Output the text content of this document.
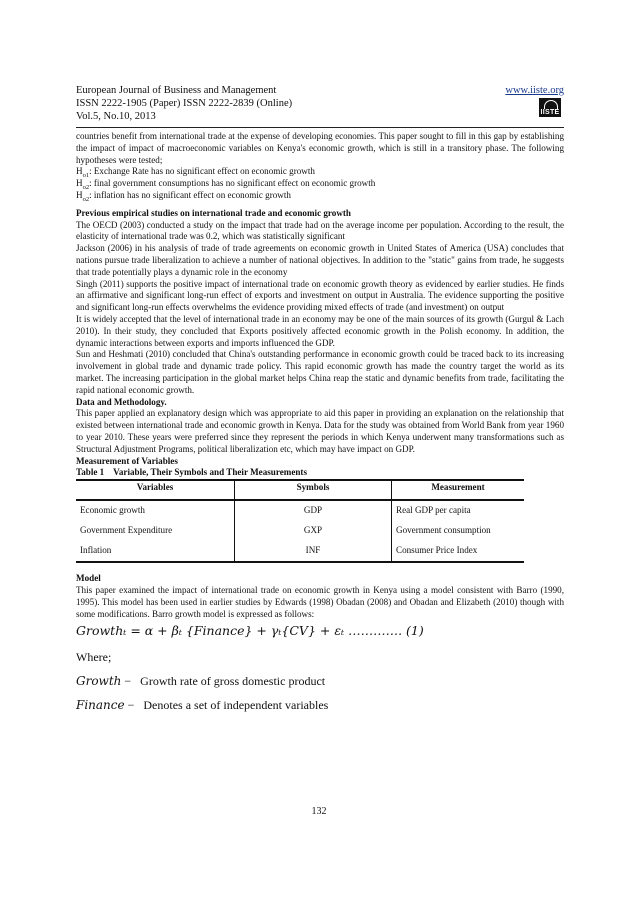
European Journal of Business and Management	www.iiste.org
ISSN 2222-1905 (Paper) ISSN 2222-2839 (Online)
Vol.5, No.10, 2013	IISTE

countries benefit from international trade at the expense of developing economies. This paper sought to fill in this gap by establishing the impact of impact of macroeconomic variables on Kenya's economic growth, which is still in a transitory phase. The following hypotheses were tested;

$H_{o1}$: Exchange Rate has no significant effect on economic growth

$H_{o2}$: final government consumptions has no significant effect on economic growth

$H_{o2}$: inflation has no significant effect on economic growth

Previous empirical studies on international trade and economic growth

The OECD (2003) conducted a study on the impact that trade had on the average income per population. According to the result, the elasticity of international trade was 0.2, which was statistically significant

Jackson (2006) in his analysis of trade of trade agreements on economic growth in United States of America (USA) concludes that nations pursue trade liberalization to achieve a number of national objectives. In addition to the "static" gains from trade, he suggests that trade potentially plays a dynamic role in the economy

Singh (2011) supports the positive impact of international trade on economic growth theory as evidenced by earlier studies. He finds an affirmative and significant long-run effect of exports and investment on output in Australia. The evidence supporting the positive and significant long-run effects overwhelms the evidence providing mixed effects of trade (and investment) on output

It is widely accepted that the level of international trade in an economy may be one of the main sources of its growth (Gurgul & Lach 2010). In their study, they concluded that Exports positively affected economic growth in the Polish economy. In addition, the dynamic interactions between exports and imports influenced the GDP.

Sun and Heshmati (2010) concluded that China's outstanding performance in economic growth could be traced back to its increasing involvement in global trade and dynamic trade policy. This rapid economic growth has made the country target the world as its market. The increasing participation in the global market helps China reap the static and dynamic benefits from trade, facilitating the rapid national economic growth.

Data and Methodology.

This paper applied an explanatory design which was appropriate to aid this paper in providing an explanation on the relationship that existed between international trade and economic growth in Kenya. Data for the study was obtained from World Bank from year 1960 to year 2010. These years were preferred since they represent the periods in which Kenya underwent many transformations such as Structural Adjustment Programs, political liberalization etc, which may have impact on GDP.

Measurement of Variables

Table 1    Variable, Their Symbols and Their Measurements

Variables	Symbols	Measurement
Economic growth	GDP	Real GDP per capita
Government Expenditure	GXP	Government consumption
Inflation	INF	Consumer Price Index

Model

This paper examined the impact of international trade on economic growth in Kenya using a model consistent with Barro (1990, 1995). This model has been used in earlier studies by Edwards (1998) Obadan (2008) and Obadan and Elizabeth (2010) though with some modifications. Barro growth model is expressed as follows:

Growthₜ = α + βₜ {Finance} + γₜ{CV} + εₜ …………. (1)
Where;
Growth − Growth rate of gross domestic product
Finance − Denotes a set of independent variables
132
